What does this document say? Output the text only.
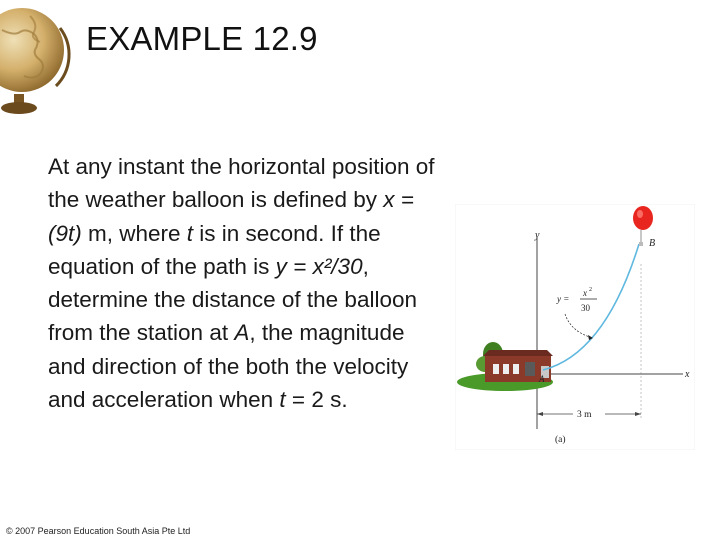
EXAMPLE 12.9
At any instant the horizontal position of the weather balloon is defined by x = (9t) m, where t is in second. If the equation of the path is y = x²/30, determine the distance of the balloon from the station at A, the magnitude and direction of the both the velocity and acceleration when t = 2 s.
y
x
A
B
y =
x 2
30
3 m
(a)
© 2007 Pearson Education South Asia Pte Ltd
